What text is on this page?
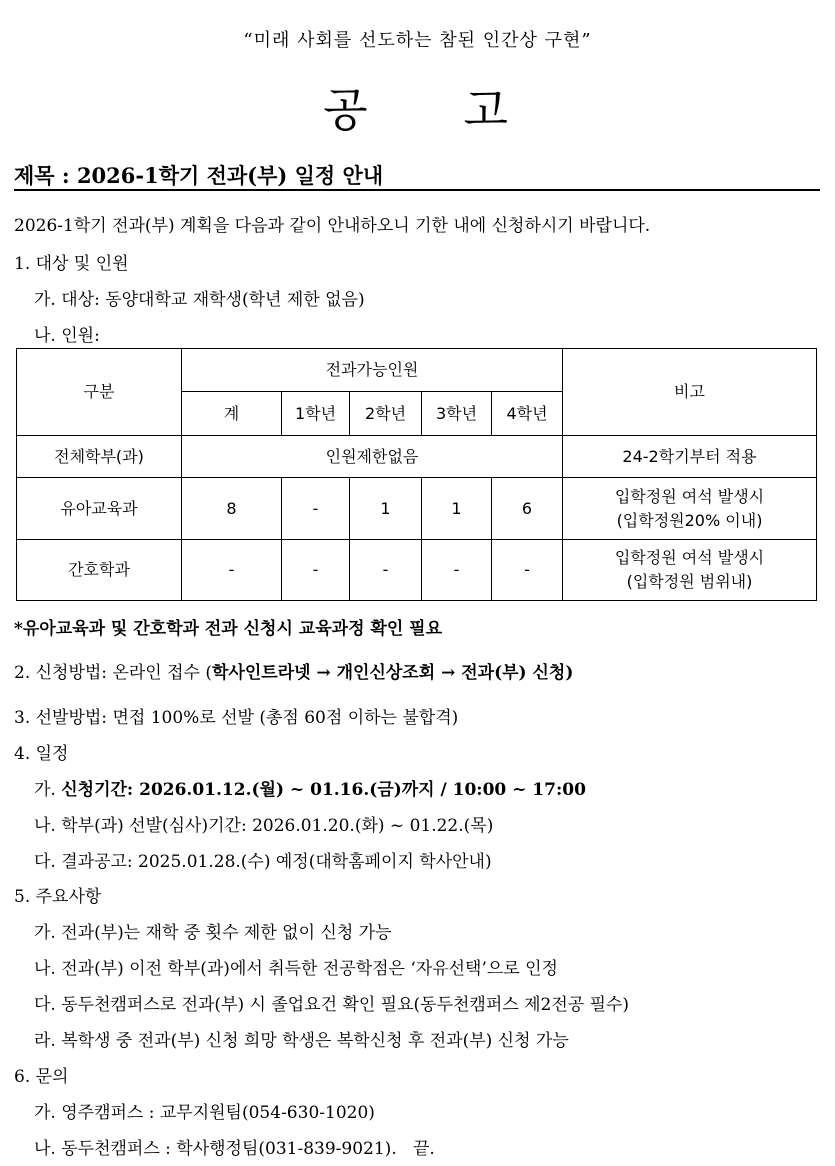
“미래 사회를 선도하는 참된 인간상 구현”
공 고
제목 : 2026-1학기 전과(부) 일정 안내
2026-1학기 전과(부) 계획을 다음과 같이 안내하오니 기한 내에 신청하시기 바랍니다.
1. 대상 및 인원
가. 대상: 동양대학교 재학생(학년 제한 없음)
나. 인원:
구분	전과가능인원					비고
	계	1학년	2학년	3학년	4학년	
전체학부(과)	인원제한없음					24-2학기부터 적용
유아교육과	8	-	1	1	6	입학정원 여석 발생시
(입학정원20% 이내)

간호학과	-	-	-	-	-	입학정원 여석 발생시
(입학정원 범위내)
*유아교육과 및 간호학과 전과 신청시 교육과정 확인 필요
2. 신청방법: 온라인 접수 (학사인트라넷 → 개인신상조회 → 전과(부) 신청)
3. 선발방법: 면접 100%로 선발 (총점 60점 이하는 불합격)
4. 일정
가. 신청기간: 2026.01.12.(월) ~ 01.16.(금)까지 / 10:00 ~ 17:00
나. 학부(과) 선발(심사)기간: 2026.01.20.(화) ~ 01.22.(목)
다. 결과공고: 2025.01.28.(수) 예정(대학홈페이지 학사안내)
5. 주요사항
가. 전과(부)는 재학 중 횟수 제한 없이 신청 가능
나. 전과(부) 이전 학부(과)에서 취득한 전공학점은 ‘자유선택’으로 인정
다. 동두천캠퍼스로 전과(부) 시 졸업요건 확인 필요(동두천캠퍼스 제2전공 필수)
라. 복학생 중 전과(부) 신청 희망 학생은 복학신청 후 전과(부) 신청 가능
6. 문의
가. 영주캠퍼스 : 교무지원팀(054-630-1020)
나. 동두천캠퍼스 : 학사행정팀(031-839-9021). 끝.
